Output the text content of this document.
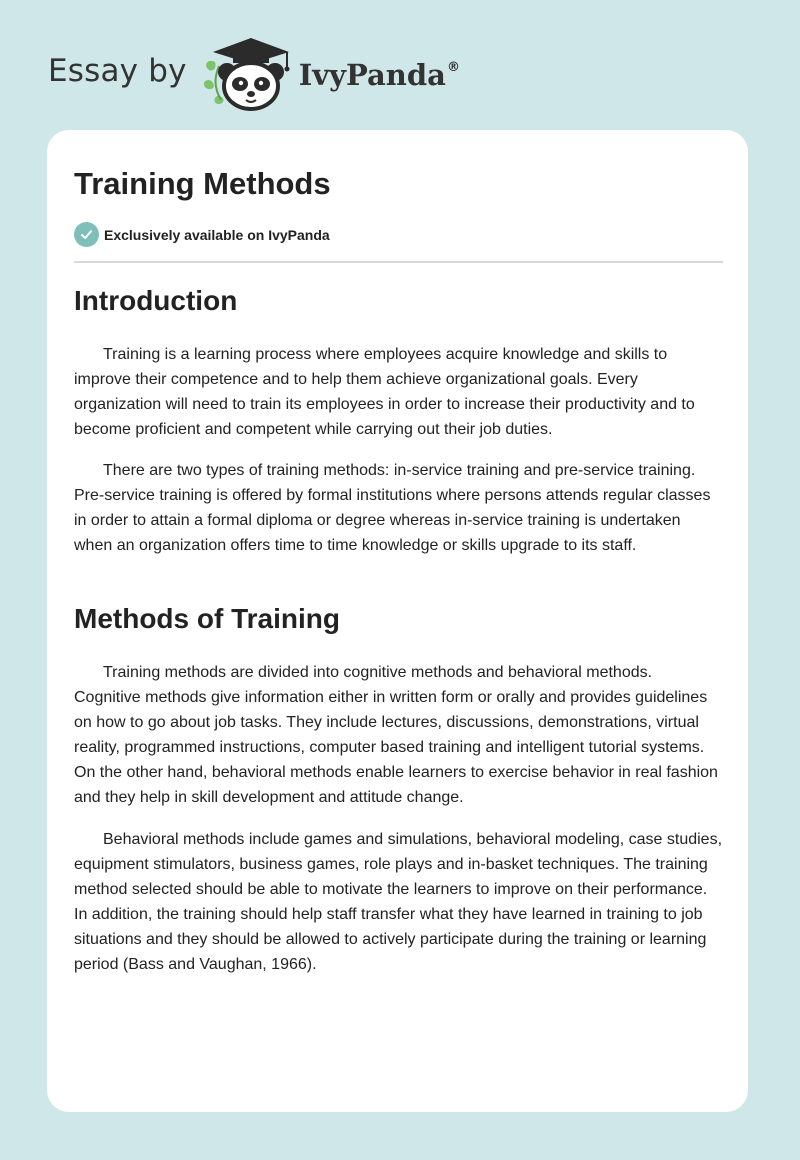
Essay by	IvyPanda®
Training Methods
Exclusively available on IvyPanda
Introduction

Training is a learning process where employees acquire knowledge and skills to improve their competence and to help them achieve organizational goals. Every organization will need to train its employees in order to increase their productivity and to become proficient and competent while carrying out their job duties.

There are two types of training methods: in-service training and pre-service training. Pre-service training is offered by formal institutions where persons attends regular classes in order to attain a formal diploma or degree whereas in-service training is undertaken when an organization offers time to time knowledge or skills upgrade to its staff.

Methods of Training

Training methods are divided into cognitive methods and behavioral methods. Cognitive methods give information either in written form or orally and provides guidelines on how to go about job tasks. They include lectures, discussions, demonstrations, virtual reality, programmed instructions, computer based training and intelligent tutorial systems. On the other hand, behavioral methods enable learners to exercise behavior in real fashion and they help in skill development and attitude change.

Behavioral methods include games and simulations, behavioral modeling, case studies, equipment stimulators, business games, role plays and in-basket techniques. The training method selected should be able to motivate the learners to improve on their performance. In addition, the training should help staff transfer what they have learned in training to job situations and they should be allowed to actively participate during the training or learning period (Bass and Vaughan, 1966).
